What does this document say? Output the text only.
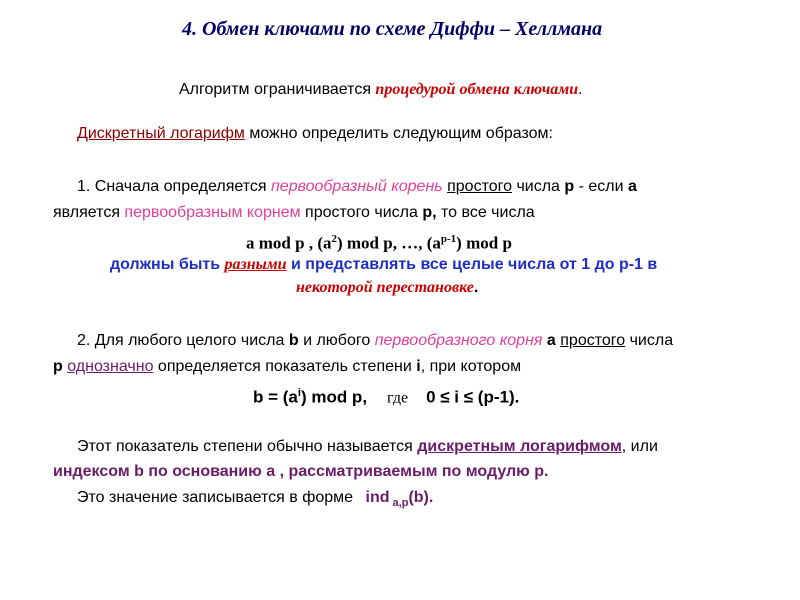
4. Обмен ключами по схеме Диффи – Хеллмана
Алгоритм ограничивается процедурой обмена ключами.
Дискретный логарифм можно определить следующим образом:
1. Сначала определяется первообразный корень простого числа p - если a
является первообразным корнем простого числа p, то все числа
a mod p , $(a^2)$ mod p, …, $(a^{p-1})$ mod p
должны быть разными и представлять все целые числа от 1 до p-1 в
некоторой перестановке.
2. Для любого целого числа b и любого первообразного корня a простого числа
p однозначно определяется показатель степени i, при котором
$b = (a^i)$ mod p, где 0 ≤ i ≤ (p-1).
Этот показатель степени обычно называется дискретным логарифмом, или
индексом b по основанию a , рассматриваемым по модулю p.
Это значение записывается в форме ind $_{a,p}$(b).
